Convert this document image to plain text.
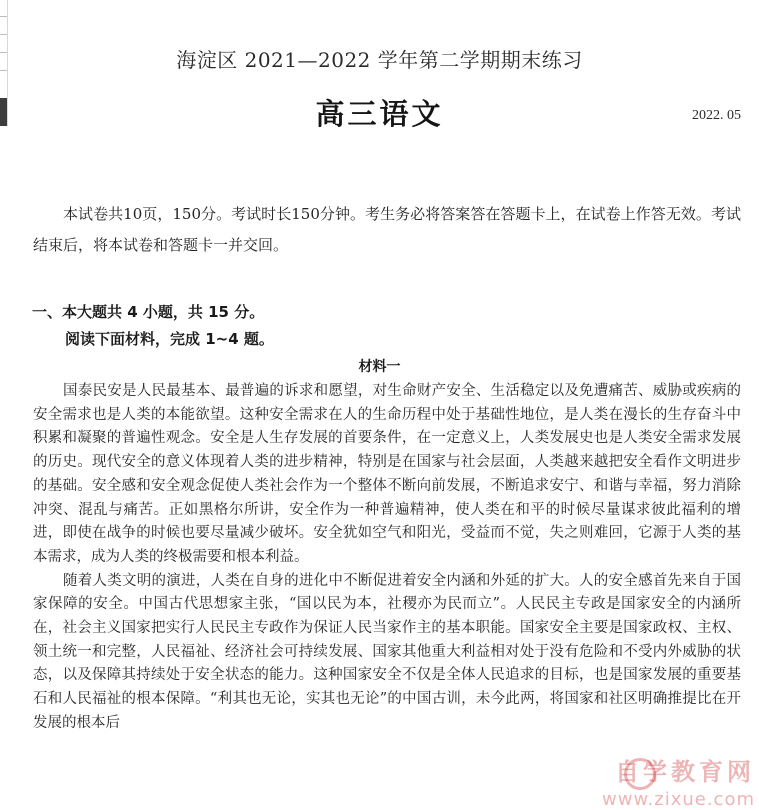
海淀区 2021—2022 学年第二学期期末练习
高三语文	2022. 05
本试卷共10页，150分。考试时长150分钟。考生务必将答案答在答题卡上，在试卷上作答无效。考试结束后，将本试卷和答题卡一并交回。
一、本大题共 4 小题，共 15 分。
阅读下面材料，完成 1~4 题。
材料一

国泰民安是人民最基本、最普遍的诉求和愿望，对生命财产安全、生活稳定以及免遭痛苦、威胁或疾病的安全需求也是人类的本能欲望。这种安全需求在人的生命历程中处于基础性地位，是人类在漫长的生存奋斗中积累和凝聚的普遍性观念。安全是人生存发展的首要条件，在一定意义上，人类发展史也是人类安全需求发展的历史。现代安全的意义体现着人类的进步精神，特别是在国家与社会层面，人类越来越把安全看作文明进步的基础。安全感和安全观念促使人类社会作为一个整体不断向前发展，不断追求安宁、和谐与幸福，努力消除冲突、混乱与痛苦。正如黑格尔所讲，安全作为一种普遍精神，使人类在和平的时候尽量谋求彼此福利的增进，即使在战争的时候也要尽量减少破坏。安全犹如空气和阳光，受益而不觉，失之则难回，它源于人类的基本需求，成为人类的终极需要和根本利益。

随着人类文明的演进，人类在自身的进化中不断促进着安全内涵和外延的扩大。人的安全感首先来自于国家保障的安全。中国古代思想家主张，“国以民为本，社稷亦为民而立”。人民民主专政是国家安全的内涵所在，社会主义国家把实行人民民主专政作为保证人民当家作主的基本职能。国家安全主要是国家政权、主权、领土统一和完整，人民福祉、经济社会可持续发展、国家其他重大利益相对处于没有危险和不受内外威胁的状态，以及保障其持续处于安全状态的能力。这种国家安全不仅是全体人民追求的目标，也是国家发展的重要基石和人民福祉的根本保障。“利其也无论，实其也无论”的中国古训，未今此两，将国家和社区明确推提比在开发展的根本后

自学教育网
www.zixue.com
